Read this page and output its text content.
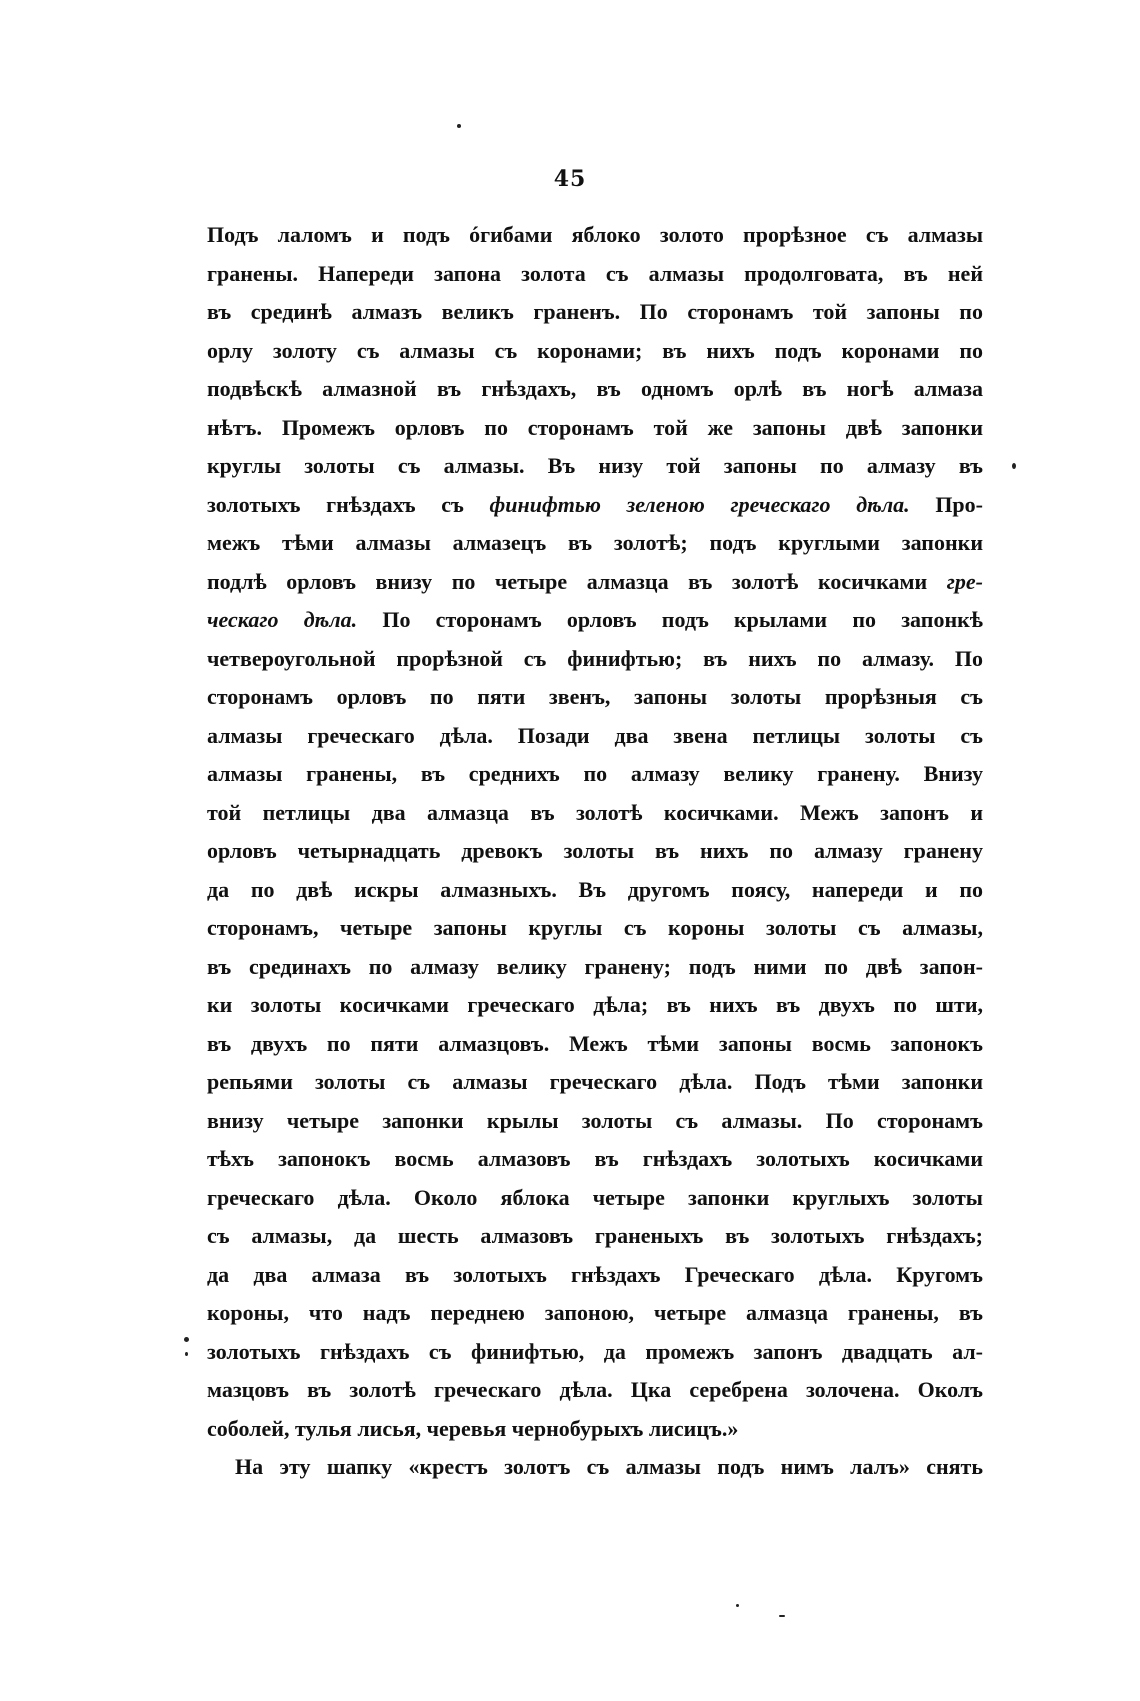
45
Подъ лаломъ и подъ óгибами яблоко золото прорѣзное съ алмазы
гранены. Напереди запона золота съ алмазы продолговата, въ ней
въ срединѣ алмазъ великъ граненъ. По сторонамъ той запоны по
орлу золоту съ алмазы съ коронами; въ нихъ подъ коронами по
подвѣскѣ алмазной въ гнѣздахъ, въ одномъ орлѣ въ ногѣ алмаза
нѣтъ. Промежъ орловъ по сторонамъ той же запоны двѣ запонки
круглы золоты съ алмазы. Въ низу той запоны по алмазу въ
золотыхъ гнѣздахъ съ финифтью зеленою греческаго дѣла. Про-
межъ тѣми алмазы алмазецъ въ золотѣ; подъ круглыми запонки
подлѣ орловъ внизу по четыре алмазца въ золотѣ косичками гре-
ческаго дѣла. По сторонамъ орловъ подъ крылами по запонкѣ
четвероугольной прорѣзной съ финифтью; въ нихъ по алмазу. По
сторонамъ орловъ по пяти звенъ, запоны золоты прорѣзныя съ
алмазы греческаго дѣла. Позади два звена петлицы золоты съ
алмазы гранены, въ среднихъ по алмазу велику гранену. Внизу
той петлицы два алмазца въ золотѣ косичками. Межъ запонъ и
орловъ четырнадцать древокъ золоты въ нихъ по алмазу гранену
да по двѣ искры алмазныхъ. Въ другомъ поясу, напереди и по
сторонамъ, четыре запоны круглы съ короны золоты съ алмазы,
въ срединахъ по алмазу велику гранену; подъ ними по двѣ запон-
ки золоты косичками греческаго дѣла; въ нихъ въ двухъ по шти,
въ двухъ по пяти алмазцовъ. Межъ тѣми запоны восмь запонокъ
репьями золоты съ алмазы греческаго дѣла. Подъ тѣми запонки
внизу четыре запонки крылы золоты съ алмазы. По сторонамъ
тѣхъ запонокъ восмь алмазовъ въ гнѣздахъ золотыхъ косичками
греческаго дѣла. Около яблока четыре запонки круглыхъ золоты
съ алмазы, да шесть алмазовъ граненыхъ въ золотыхъ гнѣздахъ;
да два алмаза въ золотыхъ гнѣздахъ Греческаго дѣла. Кругомъ
короны, что надъ переднею запоною, четыре алмазца гранены, въ
золотыхъ гнѣздахъ съ финифтью, да промежъ запонъ двадцать ал-
мазцовъ въ золотѣ греческаго дѣла. Цка серебрена золочена. Околъ
соболей, тулья лисья, черевья чернобурыхъ лисицъ.»
На эту шапку «крестъ золотъ съ алмазы подъ нимъ лалъ» снять
